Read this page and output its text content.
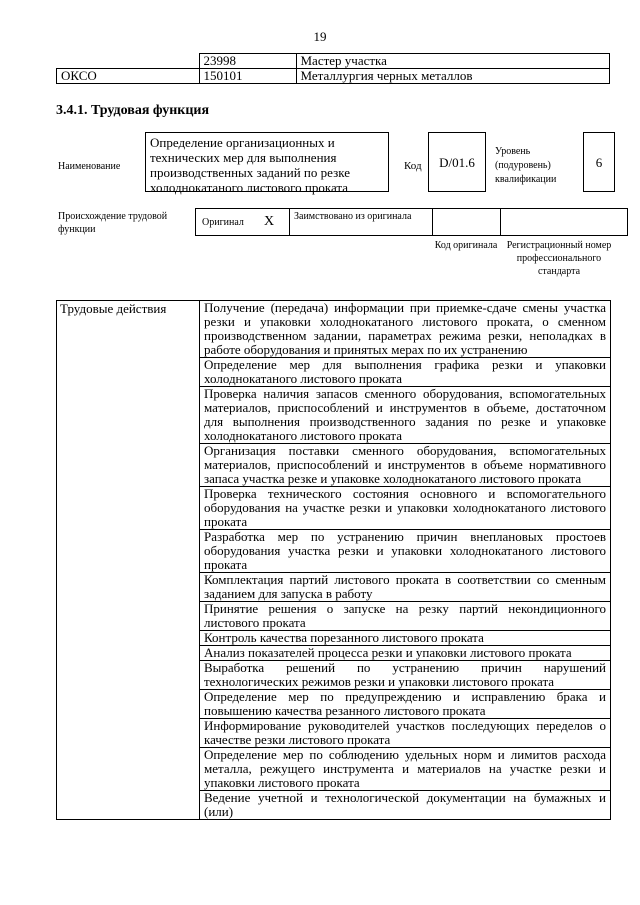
19
	23998	Мастер участка
ОКСО	150101	Металлургия черных металлов
3.4.1. Трудовая функция
Наименование
Определение организационных и технических мер для выполнения производственных заданий по резке холоднокатаного листового проката
Код	D/01.6
Уровень (подуровень) квалификации
6
Происхождение трудовой функции
Оригинал X Заимствовано из оригинала
Код оригинала Регистрационный номер профессионального стандарта
Трудовые действия	Получение (передача) информации при приемке-сдаче смены участка резки и упаковки холоднокатаного листового проката, о сменном производственном задании, параметрах режима резки, неполадках в работе оборудования и принятых мерах по их устранению
Определение мер для выполнения графика резки и упаковки холоднокатаного листового проката
Проверка наличия запасов сменного оборудования, вспомогательных материалов, приспособлений и инструментов в объеме, достаточном для выполнения производственного задания по резке и упаковке холоднокатаного листового проката
Организация поставки сменного оборудования, вспомогательных материалов, приспособлений и инструментов в объеме нормативного запаса участка резке и упаковке холоднокатаного листового проката
Проверка технического состояния основного и вспомогательного оборудования на участке резки и упаковки холоднокатаного листового проката
Разработка мер по устранению причин внеплановых простоев оборудования участка резки и упаковки холоднокатаного листового проката
Комплектация партий листового проката в соответствии со сменным заданием для запуска в работу
Принятие решения о запуске на резку партий некондиционного листового проката
Контроль качества порезанного листового проката
Анализ показателей процесса резки и упаковки листового проката
Выработка решений по устранению причин нарушений технологических режимов резки и упаковки листового проката
Определение мер по предупреждению и исправлению брака и повышению качества резанного листового проката
Информирование руководителей участков последующих переделов о качестве резки листового проката
Определение мер по соблюдению удельных норм и лимитов расхода металла, режущего инструмента и материалов на участке резки и упаковки листового проката
Ведение учетной и технологической документации на бумажных и (или)
